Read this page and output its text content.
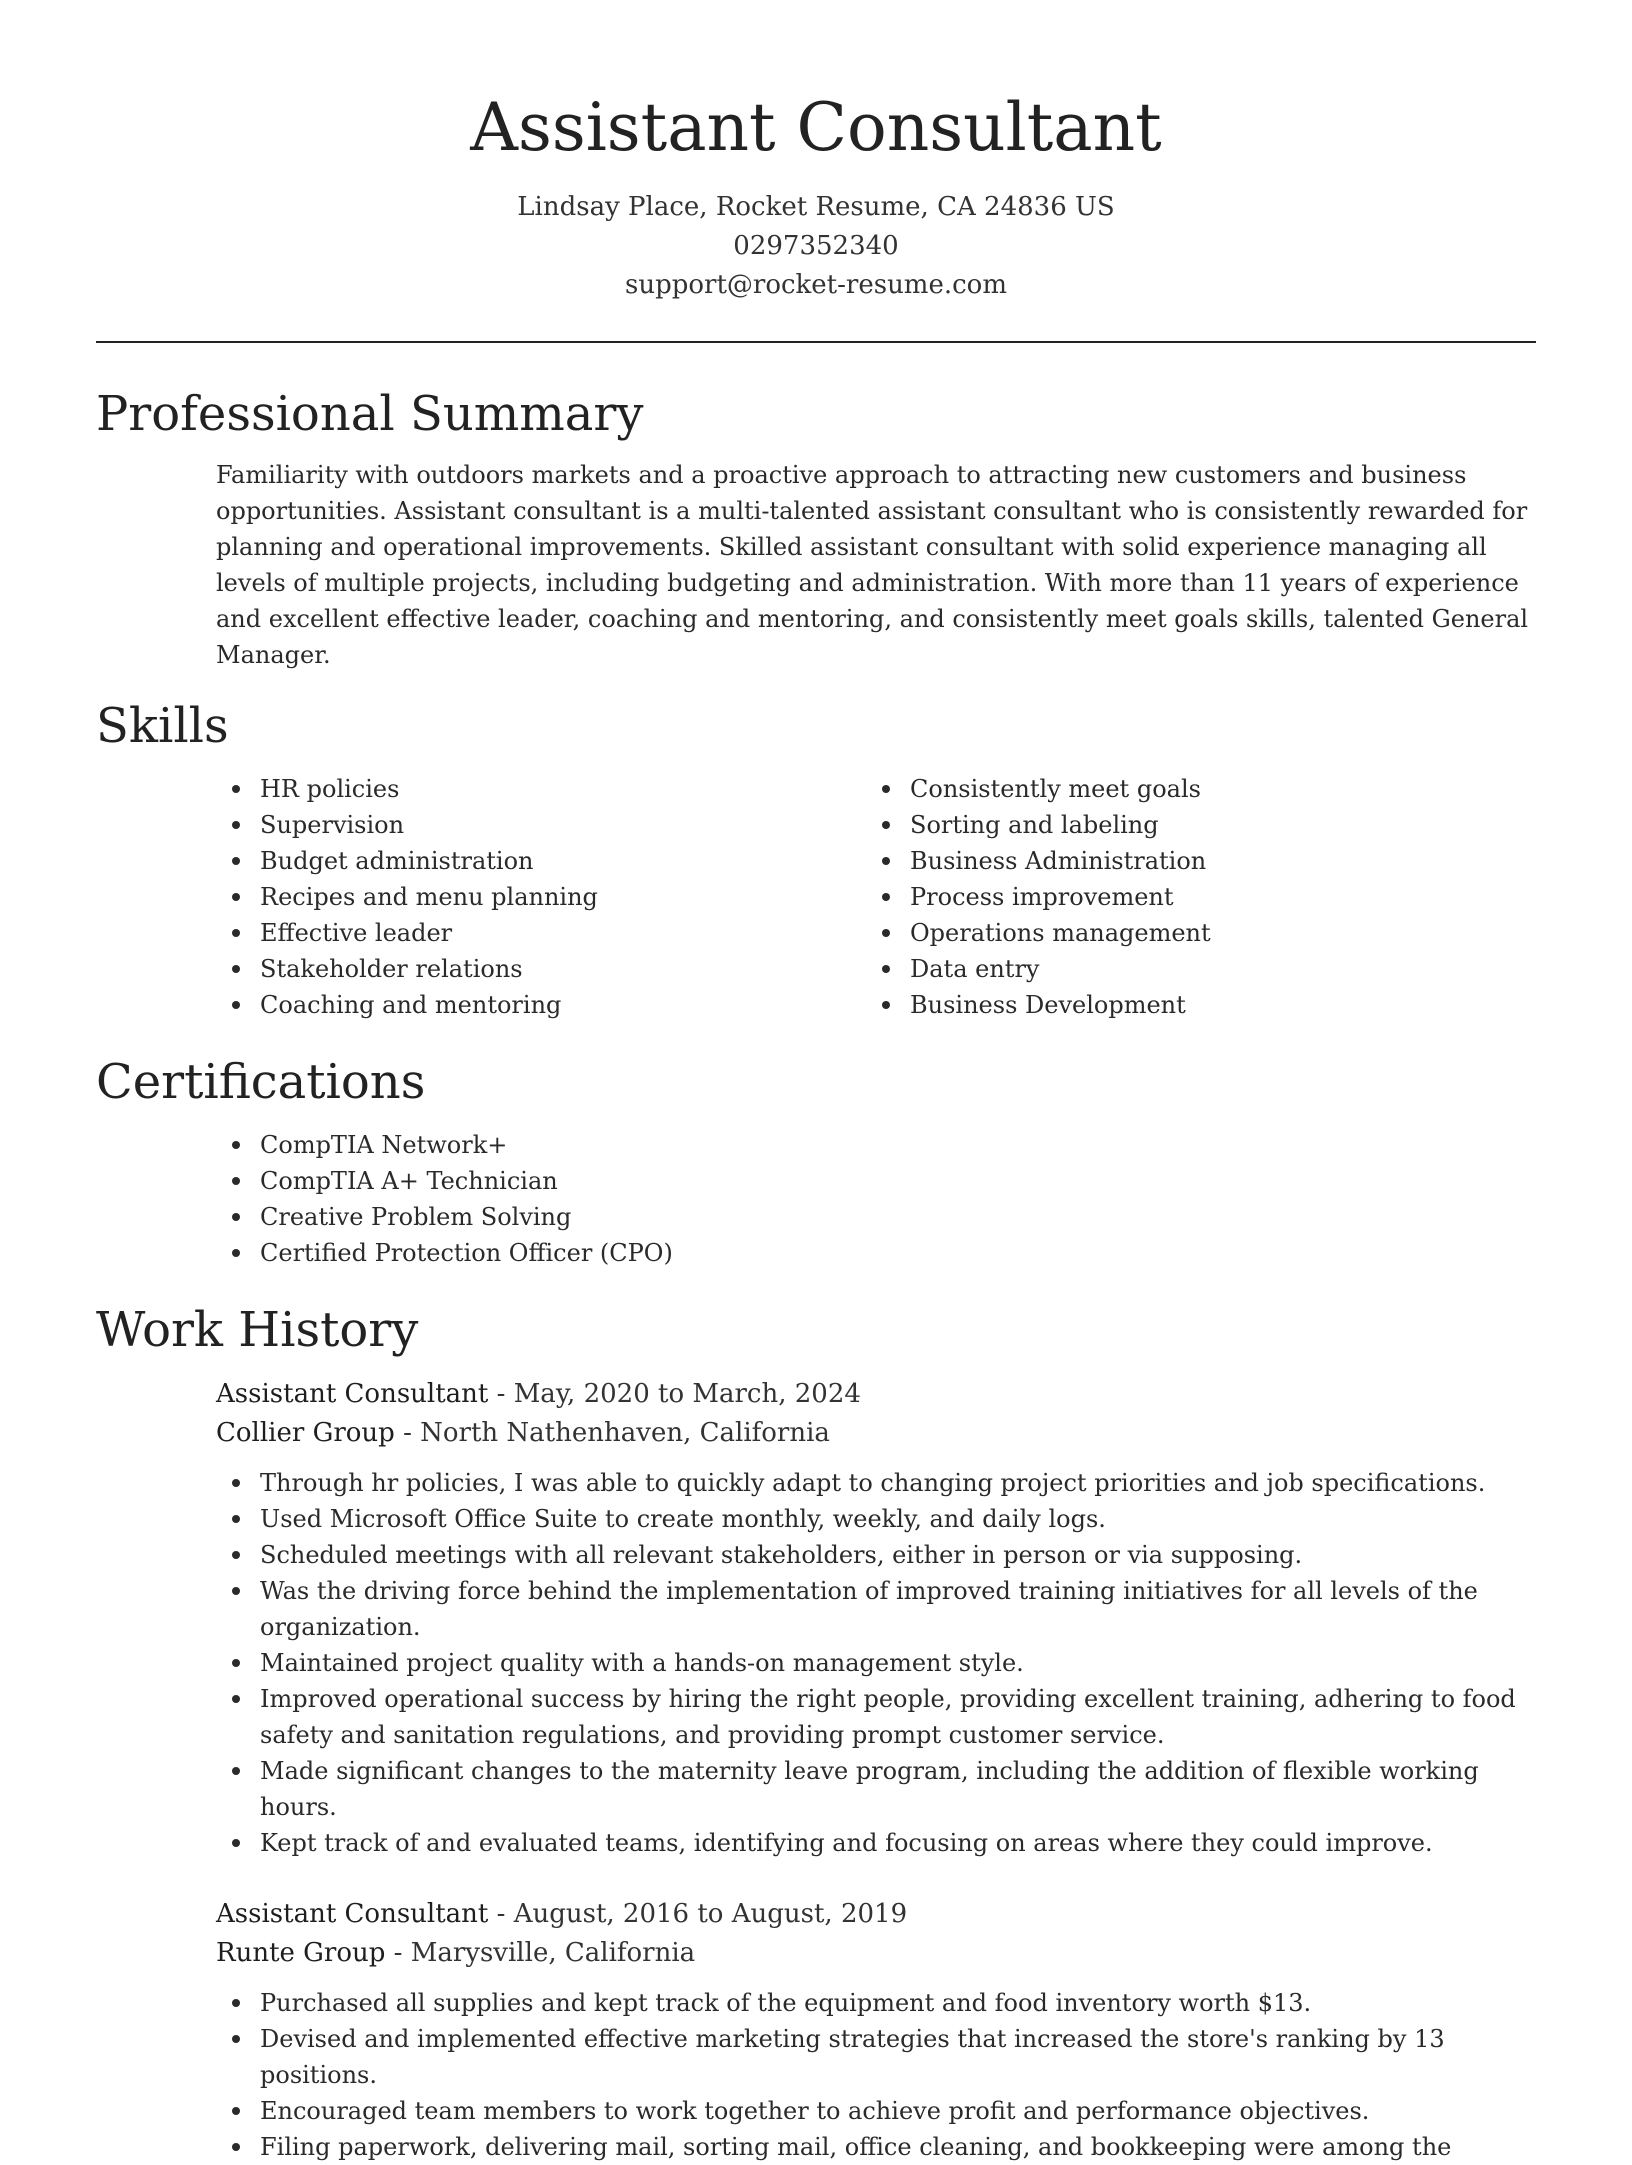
Assistant Consultant
Lindsay Place, Rocket Resume, CA 24836 US
0297352340
support@rocket-resume.com
Professional Summary

Familiarity with outdoors markets and a proactive approach to attracting new customers and business opportunities. Assistant consultant is a multi-talented assistant consultant who is consistently rewarded for planning and operational improvements. Skilled assistant consultant with solid experience managing all levels of multiple projects, including budgeting and administration. With more than 11 years of experience and excellent effective leader, coaching and mentoring, and consistently meet goals skills, talented General Manager.

Skills
HR policies
Supervision
Budget administration
Recipes and menu planning
Effective leader
Stakeholder relations
Coaching and mentoring
Consistently meet goals
Sorting and labeling
Business Administration
Process improvement
Operations management
Data entry
Business Development
Certifications
CompTIA Network+
CompTIA A+ Technician
Creative Problem Solving
Certified Protection Officer (CPO)
Work History
Assistant Consultant - May, 2020 to March, 2024
Collier Group - North Nathenhaven, California
Through hr policies, I was able to quickly adapt to changing project priorities and job specifications.
Used Microsoft Office Suite to create monthly, weekly, and daily logs.
Scheduled meetings with all relevant stakeholders, either in person or via supposing.
Was the driving force behind the implementation of improved training initiatives for all levels of the organization.
Maintained project quality with a hands-on management style.
Improved operational success by hiring the right people, providing excellent training, adhering to food safety and sanitation regulations, and providing prompt customer service.
Made significant changes to the maternity leave program, including the addition of flexible working hours.
Kept track of and evaluated teams, identifying and focusing on areas where they could improve.
Assistant Consultant - August, 2016 to August, 2019
Runte Group - Marysville, California
Purchased all supplies and kept track of the equipment and food inventory worth $13.
Devised and implemented effective marketing strategies that increased the store's ranking by 13 positions.
Encouraged team members to work together to achieve profit and performance objectives.
Filing paperwork, delivering mail, sorting mail, office cleaning, and bookkeeping were among the
